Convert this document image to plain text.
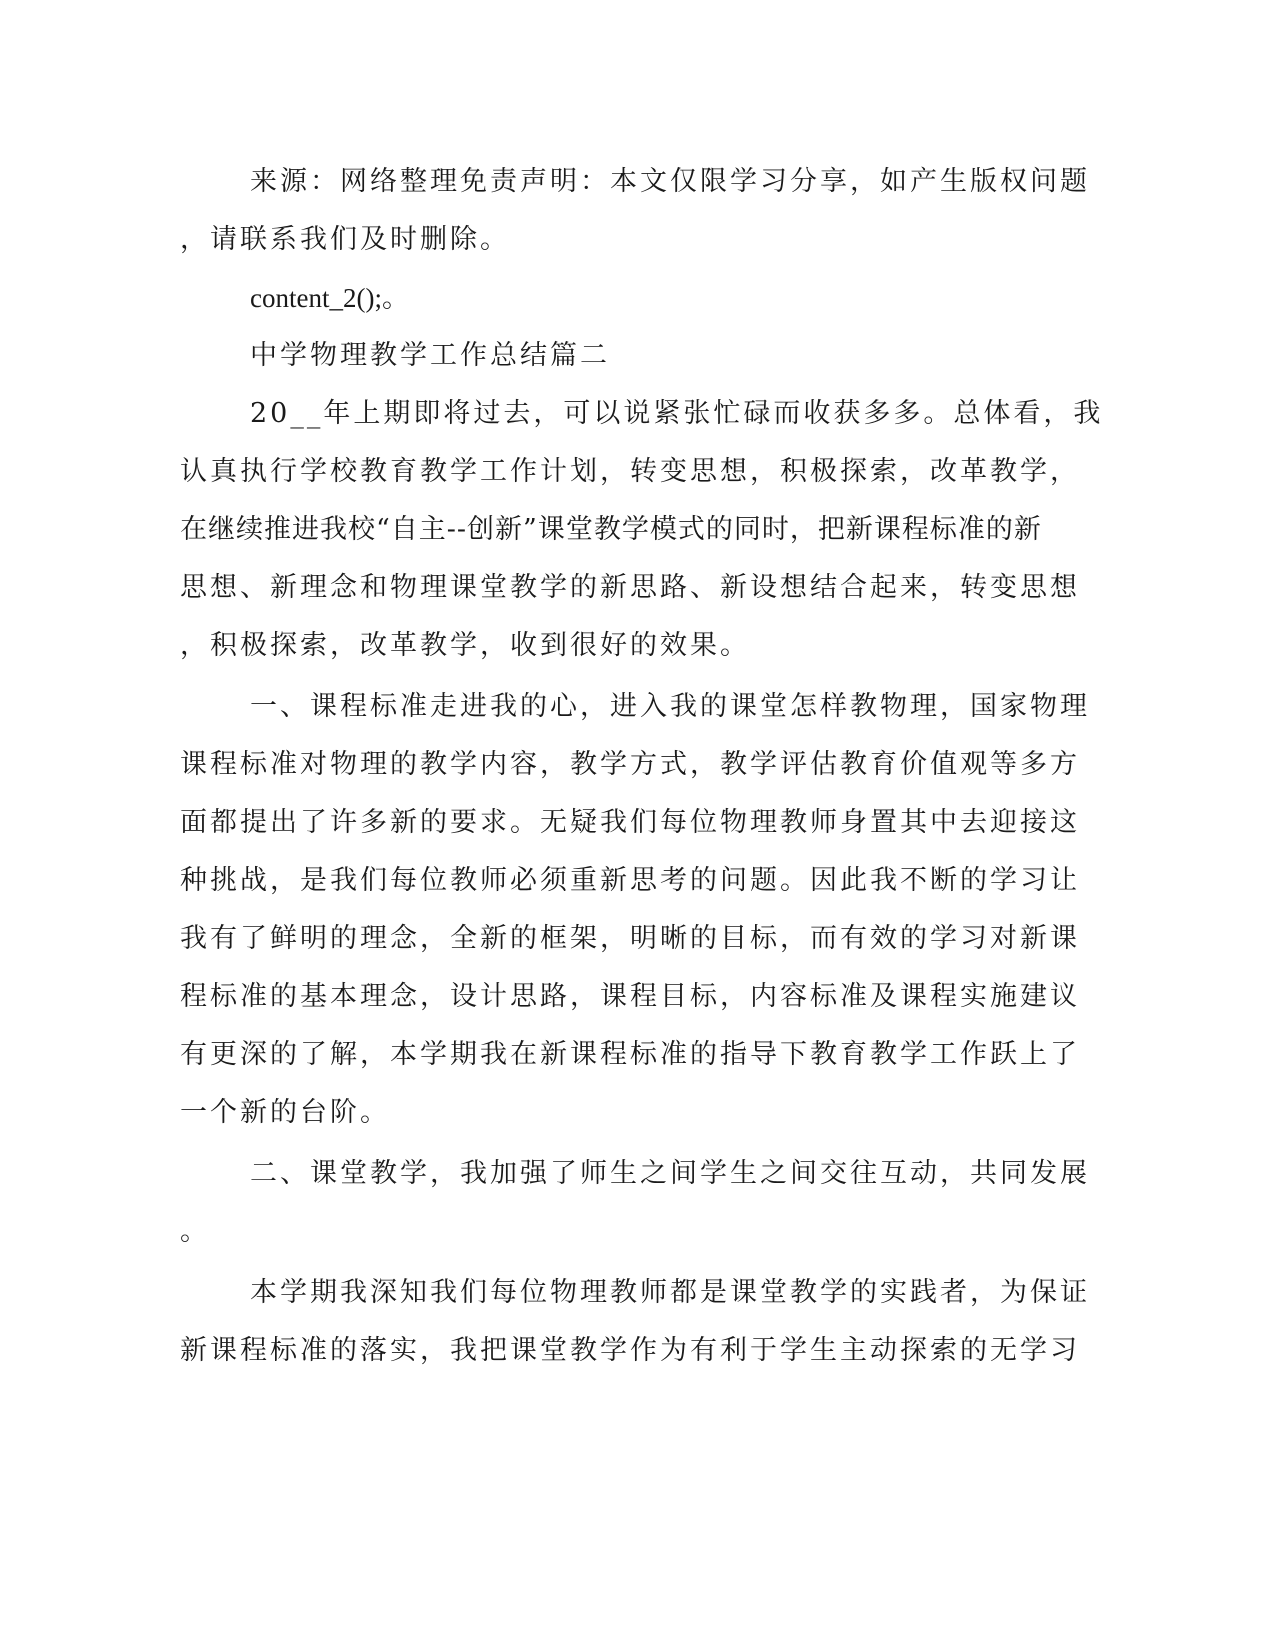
来源：网络整理免责声明：本文仅限学习分享，如产生版权问题
，请联系我们及时删除。
content_2();。
中学物理教学工作总结篇二
20__年上期即将过去，可以说紧张忙碌而收获多多。总体看，我
认真执行学校教育教学工作计划，转变思想，积极探索，改革教学，
在继续推进我校“自主--创新”课堂教学模式的同时，把新课程标准的新
思想、新理念和物理课堂教学的新思路、新设想结合起来，转变思想
，积极探索，改革教学，收到很好的效果。
一、课程标准走进我的心，进入我的课堂怎样教物理，国家物理
课程标准对物理的教学内容，教学方式，教学评估教育价值观等多方
面都提出了许多新的要求。无疑我们每位物理教师身置其中去迎接这
种挑战，是我们每位教师必须重新思考的问题。因此我不断的学习让
我有了鲜明的理念，全新的框架，明晰的目标，而有效的学习对新课
程标准的基本理念，设计思路，课程目标，内容标准及课程实施建议
有更深的了解，本学期我在新课程标准的指导下教育教学工作跃上了
一个新的台阶。
二、课堂教学，我加强了师生之间学生之间交往互动，共同发展
。
本学期我深知我们每位物理教师都是课堂教学的实践者，为保证
新课程标准的落实，我把课堂教学作为有利于学生主动探索的无学习
